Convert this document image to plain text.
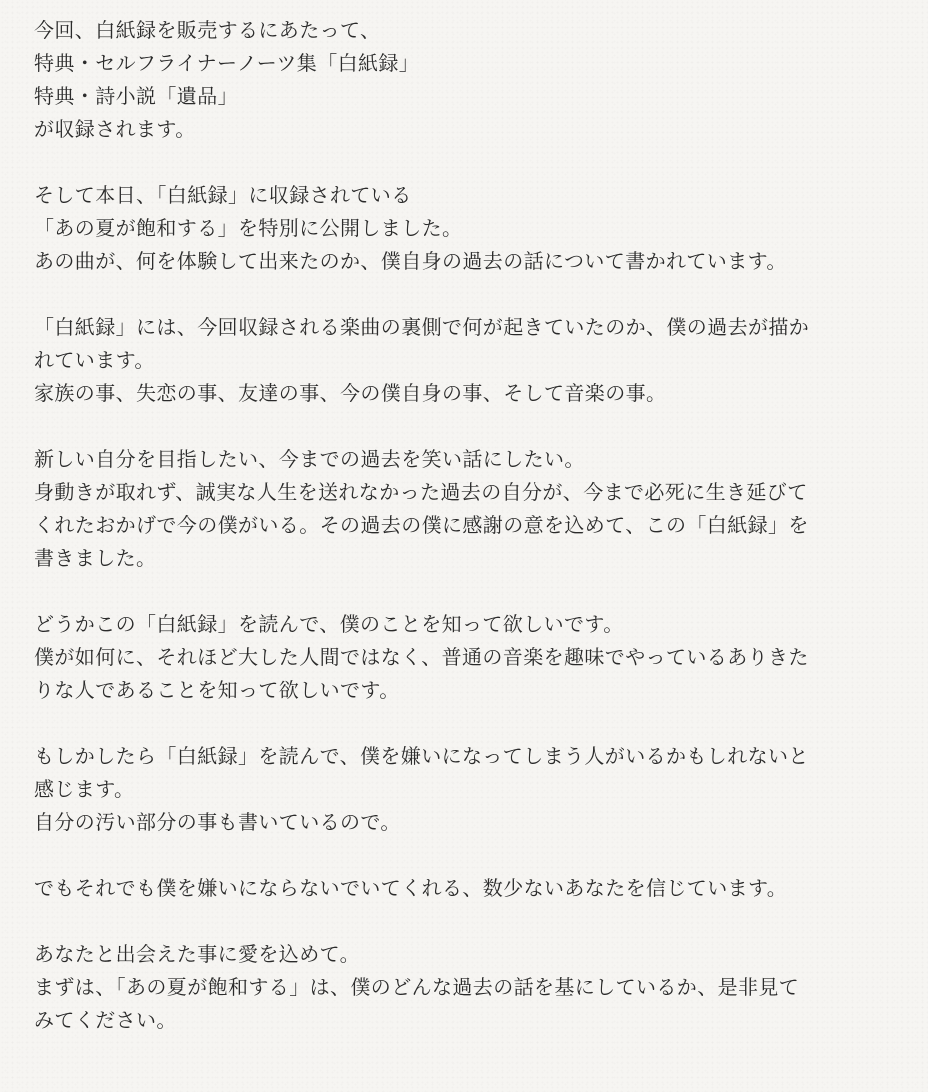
今回、白紙録を販売するにあたって、
特典・セルフライナーノーツ集「白紙録」
特典・詩小説「遺品」
が収録されます。
そして本日、「白紙録」に収録されている
「あの夏が飽和する」を特別に公開しました。
あの曲が、何を体験して出来たのか、僕自身の過去の話について書かれています。
「白紙録」には、今回収録される楽曲の裏側で何が起きていたのか、僕の過去が描か
れています。
家族の事、失恋の事、友達の事、今の僕自身の事、そして音楽の事。
新しい自分を目指したい、今までの過去を笑い話にしたい。
身動きが取れず、誠実な人生を送れなかった過去の自分が、今まで必死に生き延びて
くれたおかげで今の僕がいる。その過去の僕に感謝の意を込めて、この「白紙録」を
書きました。
どうかこの「白紙録」を読んで、僕のことを知って欲しいです。
僕が如何に、それほど大した人間ではなく、普通の音楽を趣味でやっているありきた
りな人であることを知って欲しいです。
もしかしたら「白紙録」を読んで、僕を嫌いになってしまう人がいるかもしれないと
感じます。
自分の汚い部分の事も書いているので。
でもそれでも僕を嫌いにならないでいてくれる、数少ないあなたを信じています。
あなたと出会えた事に愛を込めて。
まずは、「あの夏が飽和する」は、僕のどんな過去の話を基にしているか、是非見て
みてください。
